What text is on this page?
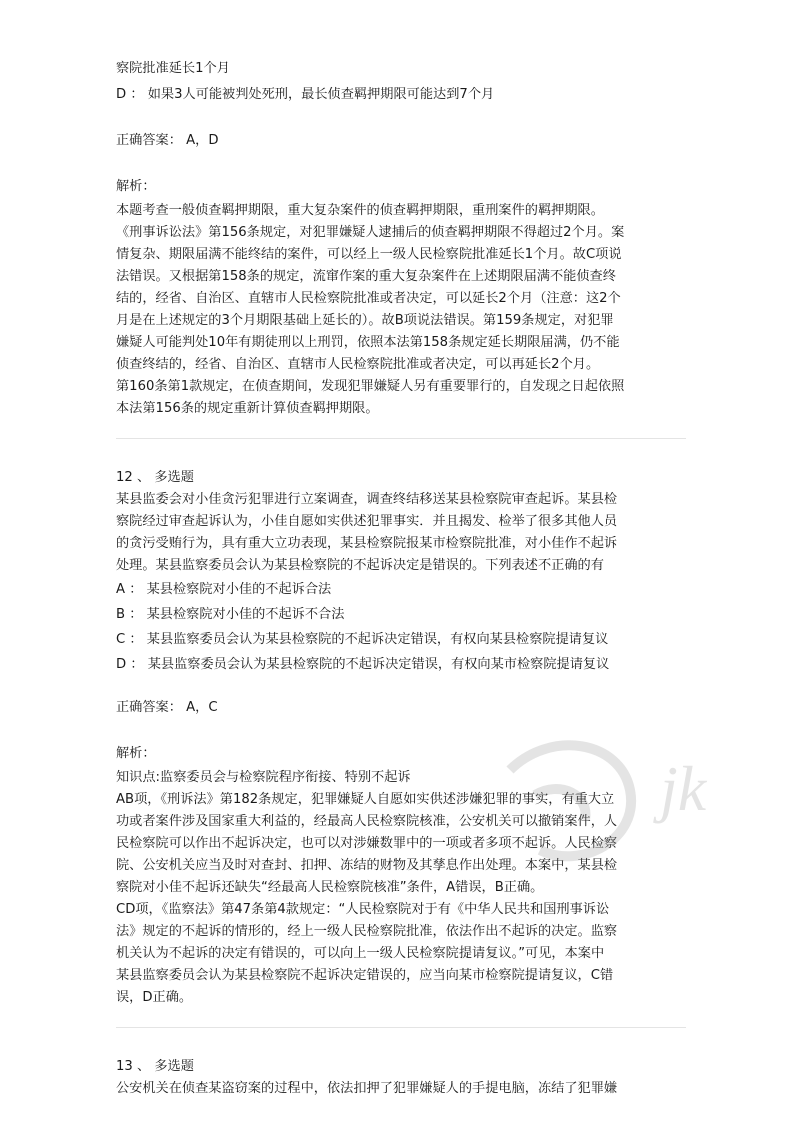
察院批准延长1个月
D ： 如果3人可能被判处死刑，最长侦查羁押期限可能达到7个月
正确答案： A，D
解析：
本题考查一般侦查羁押期限，重大复杂案件的侦查羁押期限，重刑案件的羁押期限。
《刑事诉讼法》第156条规定，对犯罪嫌疑人逮捕后的侦查羁押期限不得超过2个月。案
情复杂、期限届满不能终结的案件，可以经上一级人民检察院批准延长1个月。故C项说
法错误。又根据第158条的规定，流窜作案的重大复杂案件在上述期限届满不能侦查终
结的，经省、自治区、直辖市人民检察院批准或者决定，可以延长2个月（注意：这2个
月是在上述规定的3个月期限基础上延长的）。故B项说法错误。第159条规定，对犯罪
嫌疑人可能判处10年有期徒刑以上刑罚，依照本法第158条规定延长期限届满，仍不能
侦查终结的，经省、自治区、直辖市人民检察院批准或者决定，可以再延长2个月。
第160条第1款规定，在侦查期间，发现犯罪嫌疑人另有重要罪行的，自发现之日起依照
本法第156条的规定重新计算侦查羁押期限。
12 、 多选题
某县监委会对小佳贪污犯罪进行立案调查，调查终结移送某县检察院审查起诉。某县检
察院经过审查起诉认为，小佳自愿如实供述犯罪事实．并且揭发、检举了很多其他人员
的贪污受贿行为，具有重大立功表现，某县检察院报某市检察院批准，对小佳作不起诉
处理。某县监察委员会认为某县检察院的不起诉决定是错误的。下列表述不正确的有
A ： 某县检察院对小佳的不起诉合法
B ： 某县检察院对小佳的不起诉不合法
C ： 某县监察委员会认为某县检察院的不起诉决定错误，有权向某县检察院提请复议
D ： 某县监察委员会认为某县检察院的不起诉决定错误，有权向某市检察院提请复议
正确答案： A，C
解析：
知识点:监察委员会与检察院程序衔接、特别不起诉
AB项，《刑诉法》第182条规定，犯罪嫌疑人自愿如实供述涉嫌犯罪的事实，有重大立
功或者案件涉及国家重大利益的，经最高人民检察院核准，公安机关可以撤销案件，人
民检察院可以作出不起诉决定，也可以对涉嫌数罪中的一项或者多项不起诉。人民检察
院、公安机关应当及时对查封、扣押、冻结的财物及其孳息作出处理。本案中，某县检
察院对小佳不起诉还缺失“经最高人民检察院核准”条件，A错误，B正确。
CD项，《监察法》第47条第4款规定：“人民检察院对于有《中华人民共和国刑事诉讼
法》规定的不起诉的情形的，经上一级人民检察院批准，依法作出不起诉的决定。监察
机关认为不起诉的决定有错误的，可以向上一级人民检察院提请复议。”可见，本案中
某县监察委员会认为某县检察院不起诉决定错误的，应当向某市检察院提请复议，C错
误，D正确。
13 、 多选题
公安机关在侦查某盗窃案的过程中，依法扣押了犯罪嫌疑人的手提电脑，冻结了犯罪嫌
jk
